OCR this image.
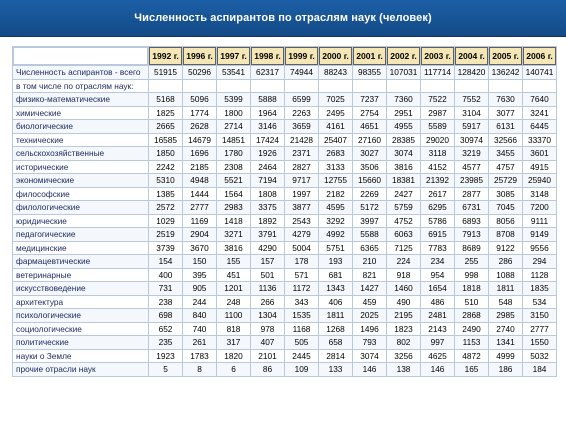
Численность аспирантов по отраслям наук (человек)
	1992 г.	1996 г.	1997 г.	1998 г.	1999 г.	2000 г.	2001 г.	2002 г.	2003 г.	2004 г.	2005 г.	2006 г.
Численность аспирантов - всего	51915	50296	53541	62317	74944	88243	98355	107031	117714	128420	136242	140741
в том числе по отраслям наук:												
физико-математические	5168	5096	5399	5888	6599	7025	7237	7360	7522	7552	7630	7640
химические	1825	1774	1800	1964	2263	2495	2754	2951	2987	3104	3077	3241
биологические	2665	2628	2714	3146	3659	4161	4651	4955	5589	5917	6131	6445
технические	16585	14679	14851	17424	21428	25407	27160	28385	29020	30974	32566	33370
сельскохозяйственные	1850	1696	1780	1926	2371	2683	3027	3074	3118	3219	3455	3601
исторические	2242	2185	2308	2464	2827	3133	3506	3816	4152	4577	4757	4915
экономические	5310	4948	5521	7194	9717	12755	15660	18381	21392	23985	25729	25940
философские	1385	1444	1564	1808	1997	2182	2269	2427	2617	2877	3085	3148
филологические	2572	2777	2983	3375	3877	4595	5172	5759	6295	6731	7045	7200
юридические	1029	1169	1418	1892	2543	3292	3997	4752	5786	6893	8056	9111
педагогические	2519	2904	3271	3791	4279	4992	5588	6063	6915	7913	8708	9149
медицинские	3739	3670	3816	4290	5004	5751	6365	7125	7783	8689	9122	9556
фармацевтические	154	150	155	157	178	193	210	224	234	255	286	294
ветеринарные	400	395	451	501	571	681	821	918	954	998	1088	1128
искусствоведение	731	905	1201	1136	1172	1343	1427	1460	1654	1818	1811	1835
архитектура	238	244	248	266	343	406	459	490	486	510	548	534
психологические	698	840	1100	1304	1535	1811	2025	2195	2481	2868	2985	3150
социологические	652	740	818	978	1168	1268	1496	1823	2143	2490	2740	2777
политические	235	261	317	407	505	658	793	802	997	1153	1341	1550
науки о Земле	1923	1783	1820	2101	2445	2814	3074	3256	4625	4872	4999	5032
прочие отрасли наук	5	8	6	86	109	133	146	138	146	165	186	184
